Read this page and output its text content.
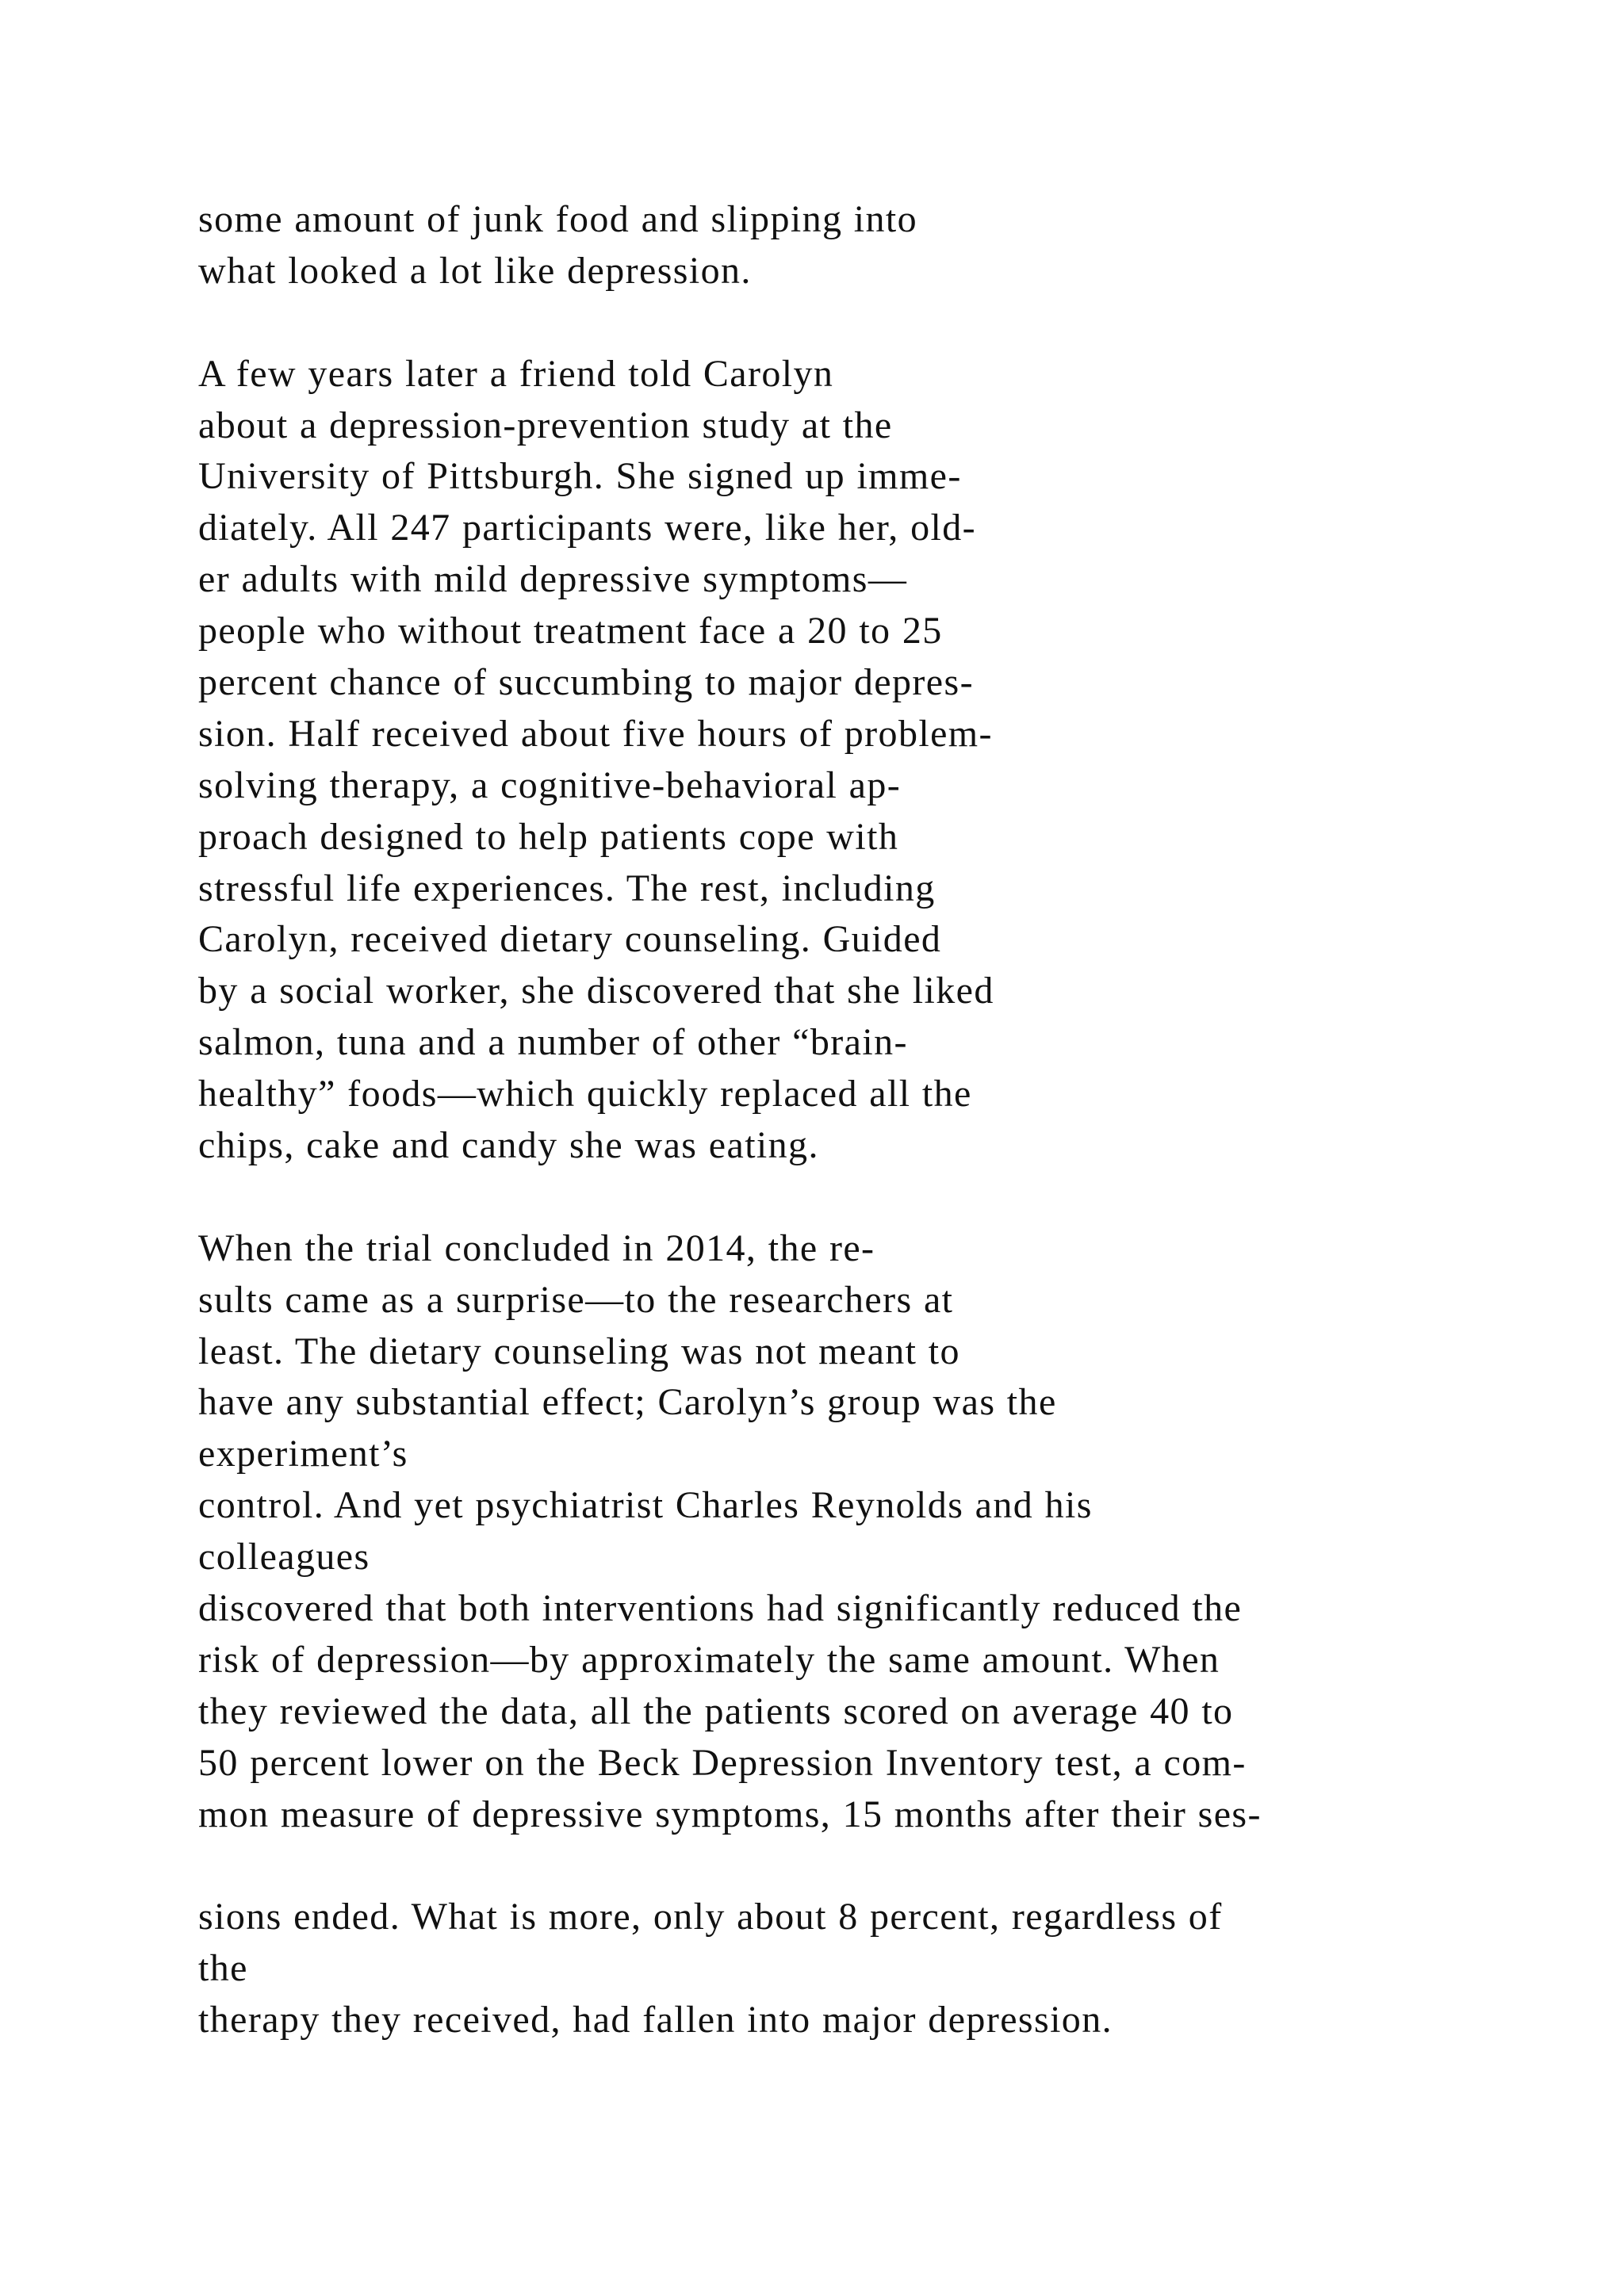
some amount of junk food and slipping into
what looked a lot like depression.
A few years later a friend told Carolyn
about a depression-prevention study at the
University of Pittsburgh. She signed up imme-
diately. All 247 participants were, like her, old-
er adults with mild depressive symptoms—
people who without treatment face a 20 to 25
percent chance of succumbing to major depres-
sion. Half received about five hours of problem-
solving therapy, a cognitive-behavioral ap-
proach designed to help patients cope with
stressful life experiences. The rest, including
Carolyn, received dietary counseling. Guided
by a social worker, she discovered that she liked
salmon, tuna and a number of other “brain-
healthy” foods—which quickly replaced all the
chips, cake and candy she was eating.
When the trial concluded in 2014, the re-
sults came as a surprise—to the researchers at
least. The dietary counseling was not meant to
have any substantial effect; Carolyn’s group was the
experiment’s
control. And yet psychiatrist Charles Reynolds and his
colleagues
discovered that both interventions had significantly reduced the
risk of depression—by approximately the same amount. When
they reviewed the data, all the patients scored on average 40 to
50 percent lower on the Beck Depression Inventory test, a com-
mon measure of depressive symptoms, 15 months after their ses-
sions ended. What is more, only about 8 percent, regardless of
the
therapy they received, had fallen into major depression.
